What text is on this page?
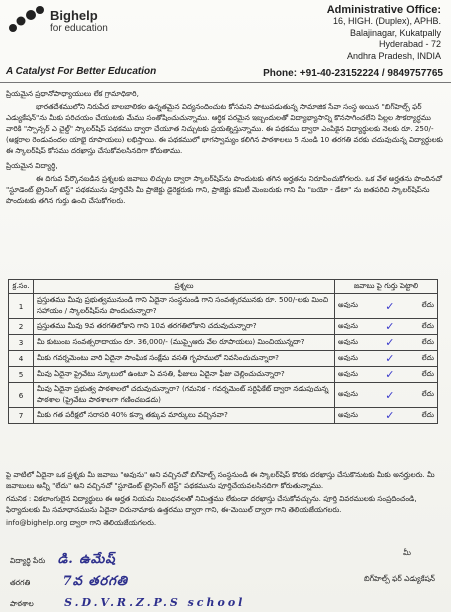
Bighelp
for education
A Catalyst For Better Education
Administrative Office:
16, HIGH. (Duplex), APHB.
Balajinagar, Kukatpally
Hyderabad - 72
Andhra Pradesh, INDIA
Phone: +91-40-23152224 / 9849757765
ప్రియమైన ప్రధానోపాధ్యాయులు లేక గ్రామాధికారి,

భారతదేశములోని నిరుపేద బాలబాలికల ఉన్నతమైన విద్యనందించుట కోసమని పాటుపడుతున్న సామాజిక సేవా సంస్థ అయిన "బిగ్‌హెల్ప్ ఫర్ ఎడ్యుకేషన్"ను మీకు పరిచయం చేయుటకు మేము సంతోషించుచున్నాము. ఆర్థిక పరమైన ఇబ్బందులతో విద్యాభ్యాసాన్ని కొనసాగించలేని పిల్లల సౌకర్యార్థము వారికి "స్పాన్సర్ ఎ చైల్డ్" స్కాలర్‌షిప్ పథకము ద్వారా చేయూత నిచ్చుటకు ప్రయత్నిస్తున్నాము. ఈ పథకము ద్వారా ఎంపికైన విద్యార్థులకు నెలకు రూ. 250/- (అక్షరాల రెండువందల యాభై రూపాయలు) లభిస్తాయి. ఈ పథకములో భాగస్వామ్యం కలిగిన పాఠశాలలు 5 నుండి 10 తరగతి వరకు చదువుచున్న విద్యార్థులకు ఈ స్కాలర్‌షిప్ కోసము దరఖాస్తు చేసుకోవలసినదిగా కోరుతాము.

ప్రియమైన విద్యార్థి,

ఈ దిగువ పేర్కొనబడిన ప్రశ్నలకు జవాబు లిచ్చుట ద్వారా స్కాలర్‌షిప్‌ను పొందుటకు తగిన అర్హతను నిరూపించుకోగలరు. ఒక వేళ అర్హతను పొందినచో "స్టూడెంట్ ట్రైనింగ్ టెస్ట్" పథకమును పూర్తిచేసి మీ ప్రాజెక్టు డైరెక్టరుకు గాని, ప్రాజెక్టు కమిటీ మెంబరుకు గాని మీ "బయో - డేటా" ను జతపరిచి స్కాలర్‌షిప్‌ను పొందుటకు తగిన గుర్తు ఉంచి చేసుకోగలరు.

క్ర.సం.	ప్రశ్నలు	జవాబు పై గుర్తు పెట్టాలి
1	ప్రస్తుతము మీవు ప్రభుత్వమునుండి గాని ఏదైనా సంస్థనుండి గాని సంవత్సరమునకు రూ. 500/-లకు మించి సహాయం / స్కాలర్‌షిప్‌ను పొందుచున్నారా?	అవును ✓ లేదు

2	ప్రస్తుతము మీవు 9వ తరగతిలోకాని గాని 10వ తరగతిలోకాని చదువుచున్నారా?	అవును ✓ లేదు

3	మీ కుటుంబ సంవత్సరాదాయం రూ. 36,000/- (ముప్పైఆరు వేల రూపాయలు) మించియున్నదా?	అవును ✓ లేదు

4	మీకు గవర్నమెంటు వారి ఏదైనా సాంఘిక సంక్షేమ వసతి గృహములో నివసించుచున్నారా?	అవును ✓ లేదు

5	మీవు ఏదైనా ప్రైవేటు స్కూలులో ఉంటూ ఏ వసతి, ఫీజులు ఏదైనా ఫీజు చెల్లించుచున్నారా?	అవును ✓ లేదు

6	మీవు ఏదైనా ప్రభుత్వ పాఠశాలలో చదువుచున్నారా? (గమనిక - గవర్నమెంట్ సర్టిఫికేట్ ద్వారా నడుపుచున్న పాఠశాల (ప్రైవేటు పాఠశాలగా గణించబడదు)	అవును ✓ లేదు

7	మీకు గత పరీక్షలో సరాసరి 40% కన్నా తక్కువ మార్కులు వచ్చినవా?	అవును ✓ లేదు

పై వాటిలో ఏదైనా ఒక ప్రశ్నకు మీ జవాబు "అవును" అని వచ్చినచో బిగ్‌హెల్ప్ సంస్థనుండి ఈ స్కాలర్‌షిప్ కొరకు దరఖాస్తు చేసుకొనుటకు మీకు అనర్హులరు. మీ జవాబులు అన్నీ "లేదు" అని వచ్చినచో "స్టూడెంట్ ట్రైనింగ్ టెస్ట్" పథకమును పూర్తిచేయవలసినదిగా కోరుతున్నాము.

గమనిక : వికలాంగులైన విద్యార్థులు ఈ అర్హత నియమ నిబంధనలతో నిమిత్తము లేకుండా దరఖాస్తు చేసుకోవచ్చును. పూర్తి వివరములకు సంప్రదించండి, ఫిర్యాదులకు మీ సమాధానమును ఏదైనా చిరునామాకు ఉత్తరము ద్వారా గాని, ఈ-మెయిల్ ద్వారా గాని తెలియజేయగలరు.

info@bighelp.org ద్వారా గాని తెలియజేయగలరు.

మీ
బిగ్‌హెల్ప్ ఫర్ ఎడ్యుకేషన్
విద్యార్థి పేరు డి. ఉమేష్
తరగతి 7వ తరగతి
పాఠశాల	S.D.V.R.Z.P.S school
